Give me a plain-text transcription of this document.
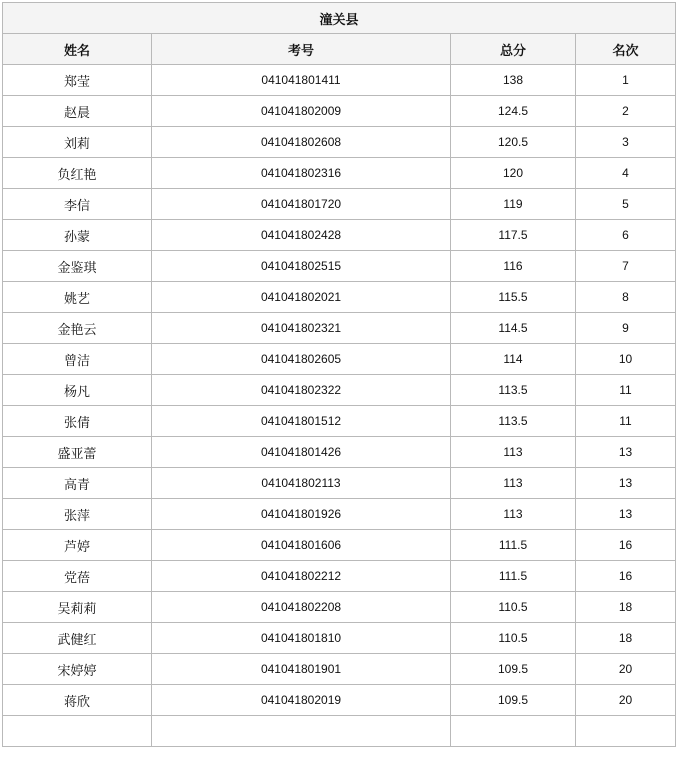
潼关县			
姓名	考号	总分	名次
郑莹	041041801411	138	1
赵晨	041041802009	124.5	2
刘莉	041041802608	120.5	3
负红艳	041041802316	120	4
李信	041041801720	119	5
孙蒙	041041802428	117.5	6
金鉴琪	041041802515	116	7
姚艺	041041802021	115.5	8
金艳云	041041802321	114.5	9
曾洁	041041802605	114	10
杨凡	041041802322	113.5	11
张倩	041041801512	113.5	11
盛亚蕾	041041801426	113	13
高青	041041802113	113	13
张萍	041041801926	113	13
芦婷	041041801606	111.5	16
党蓓	041041802212	111.5	16
吴莉莉	041041802208	110.5	18
武健红	041041801810	110.5	18
宋婷婷	041041801901	109.5	20
蒋欣	041041802019	109.5	20
